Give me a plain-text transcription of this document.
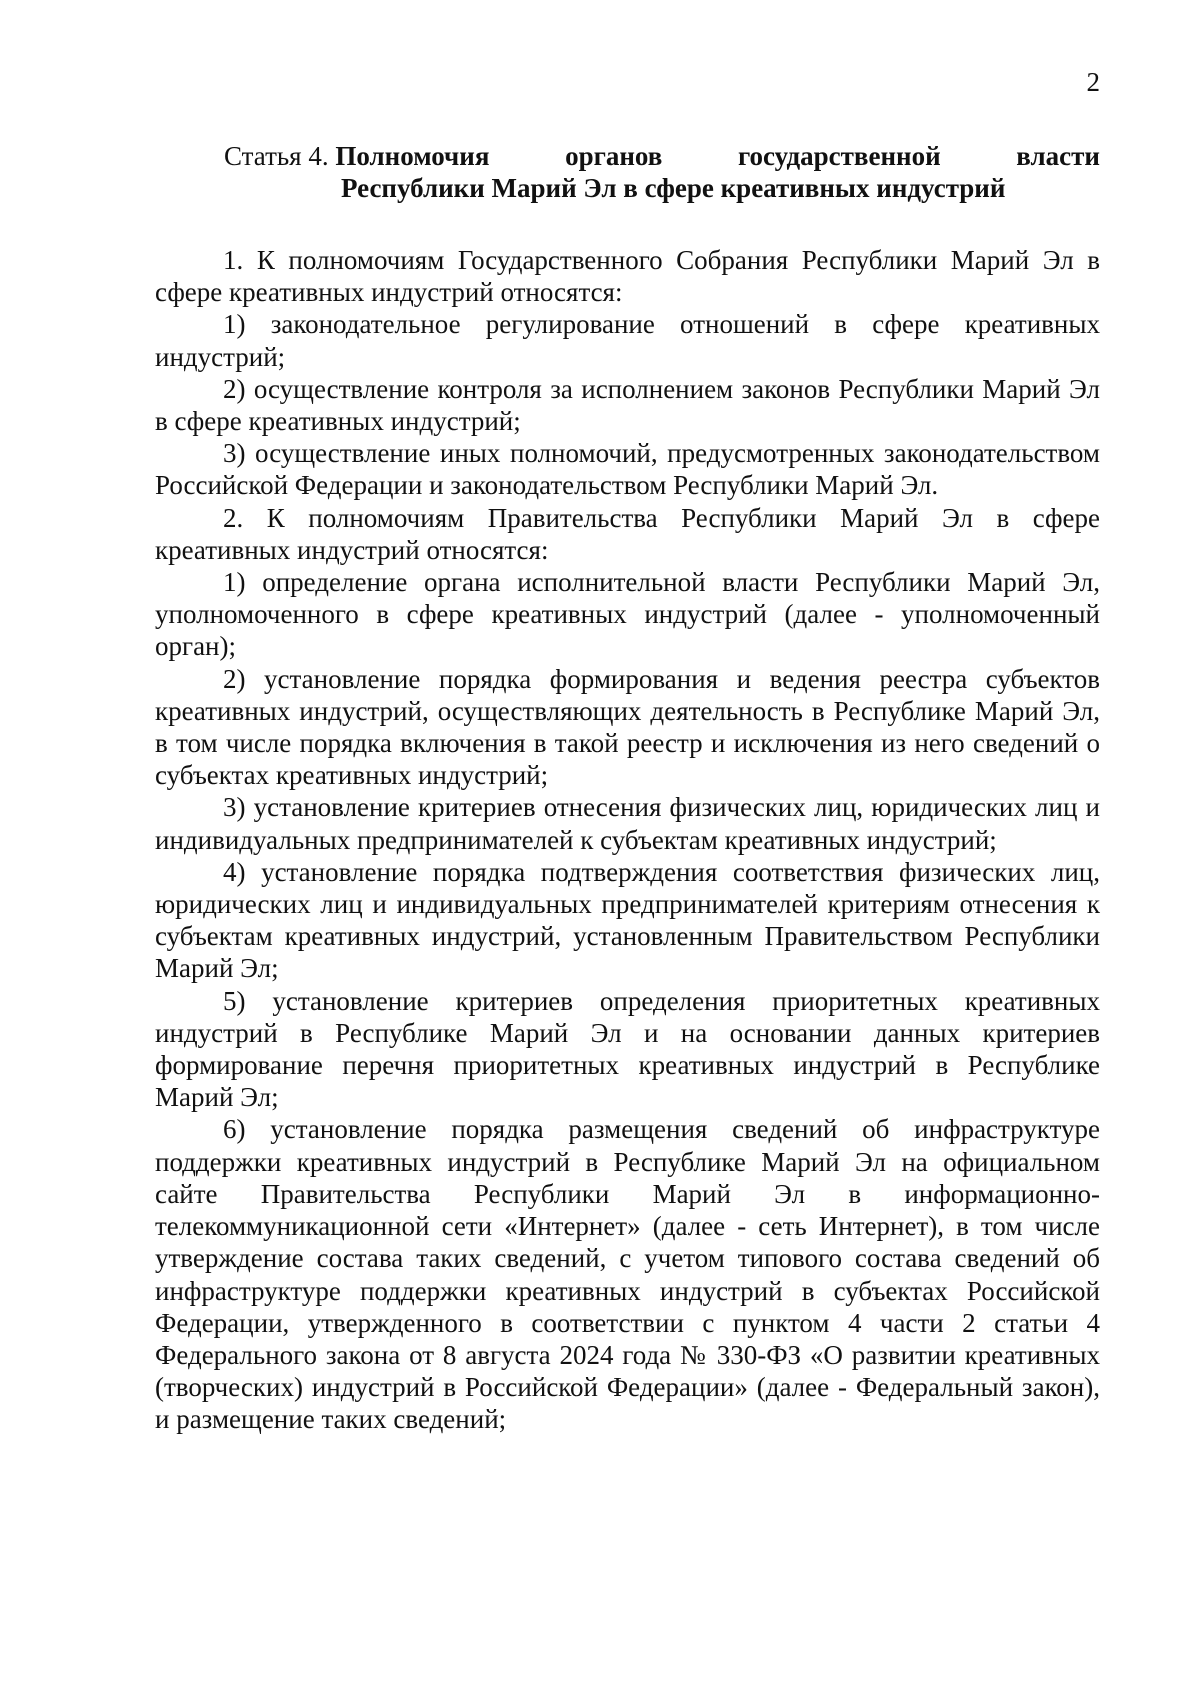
2
Статья 4. Полномочия	органов	государственной	власти
Республики Марий Эл в сфере креативных индустрий

1. К полномочиям Государственного Собрания Республики Марий Эл в сфере креативных индустрий относятся:

1) законодательное регулирование отношений в сфере креативных индустрий;

2) осуществление контроля за исполнением законов Республики Марий Эл в сфере креативных индустрий;

3) осуществление иных полномочий, предусмотренных законодательством Российской Федерации и законодательством Республики Марий Эл.

2. К полномочиям Правительства Республики Марий Эл в сфере креативных индустрий относятся:

1) определение органа исполнительной власти Республики Марий Эл, уполномоченного в сфере креативных индустрий (далее - уполномоченный орган);

2) установление порядка формирования и ведения реестра субъектов креативных индустрий, осуществляющих деятельность в Республике Марий Эл, в том числе порядка включения в такой реестр и исключения из него сведений о субъектах креативных индустрий;

3) установление критериев отнесения физических лиц, юридических лиц и индивидуальных предпринимателей к субъектам креативных индустрий;

4) установление порядка подтверждения соответствия физических лиц, юридических лиц и индивидуальных предпринимателей критериям отнесения к субъектам креативных индустрий, установленным Правительством Республики Марий Эл;

5) установление критериев определения приоритетных креативных индустрий в Республике Марий Эл и на основании данных критериев формирование перечня приоритетных креативных индустрий в Республике Марий Эл;

6) установление порядка размещения сведений об инфраструктуре поддержки креативных индустрий в Республике Марий Эл на официальном сайте Правительства Республики Марий Эл в информационно-телекоммуникационной сети «Интернет» (далее - сеть Интернет), в том числе утверждение состава таких сведений, с учетом типового состава сведений об инфраструктуре поддержки креативных индустрий в субъектах Российской Федерации, утвержденного в соответствии с пунктом 4 части 2 статьи 4 Федерального закона от 8 августа 2024 года № 330-ФЗ «О развитии креативных (творческих) индустрий в Российской Федерации» (далее - Федеральный закон), и размещение таких сведений;
